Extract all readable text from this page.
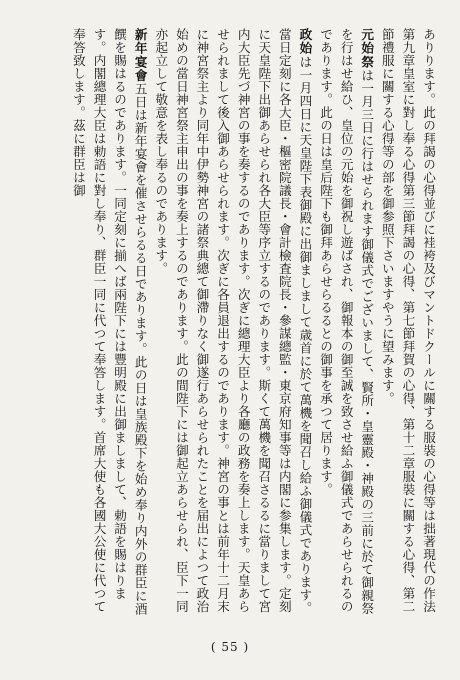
ありります。此の拜謁の心得並びに袿袴及びマントドクールに關する服裝の心得等は拙著現代の作法第九章皇室に對し奉る心得第三節拜謁の心得、第七節拜賀の心得、第十二章服裝に關する心得、第二節禮服に關する心得等の部を御参照下さいますやうに望みます。

元始祭は一月三日に行はせられます御儀式でございまして、賢所・皇靈殿・神殿の三前に於て御親祭を行はせ給ひ、皇位の元始を御祝し遊ばされ、御報本の御至誠を致させ給ふ御儀式であらせられるのであります。此の日は皇后陛下も御拜あらせらるるとの御事を承つて居ります。

政始は一月四日に天皇陛下表御殿に出御ましまして歳首に於て萬機を聞召し給ふ御儀式であります。當日定刻に各大臣・樞密院議長・會計檢査院長・參謀總監・東京府知事等は内閣に参集します。定刻に天皇陛下出御あらせられ各大臣等序立するのであります。斯くて萬機を聞召さるるに當りまして宮内大臣先づ神宮の事を奏するのであります。次ぎに總理大臣より各廳の政務を奏上します。天皇あらせられまして後入御あらせられます。次ぎに各員退出するのであります。神宮の事とは前年十二月末に神宮祭主より同年中伊勢神宮の諸祭典總て御滯りなく御遂行あらせられたことを届出によつて政治始めの當日神宮祭主申出の事を奏上するのであります。此の間陛下には御起立あらせられ、臣下一同亦起立して敬意を表し奉るのであります。

新年宴會五日は新年宴會を催させらるる日であります。此の日は皇族殿下を始め奉り内外の群臣に酒饌を賜はるのであります。一同定刻に揃へば兩陛下には豐明殿に出御ましまして、勅語を賜はります。内閣總理大臣は勅語に對し奉り、群臣一同に代つて奉答します。首席大使も各國大公使に代つて奉答致します。茲に群臣は御

( 55 )
